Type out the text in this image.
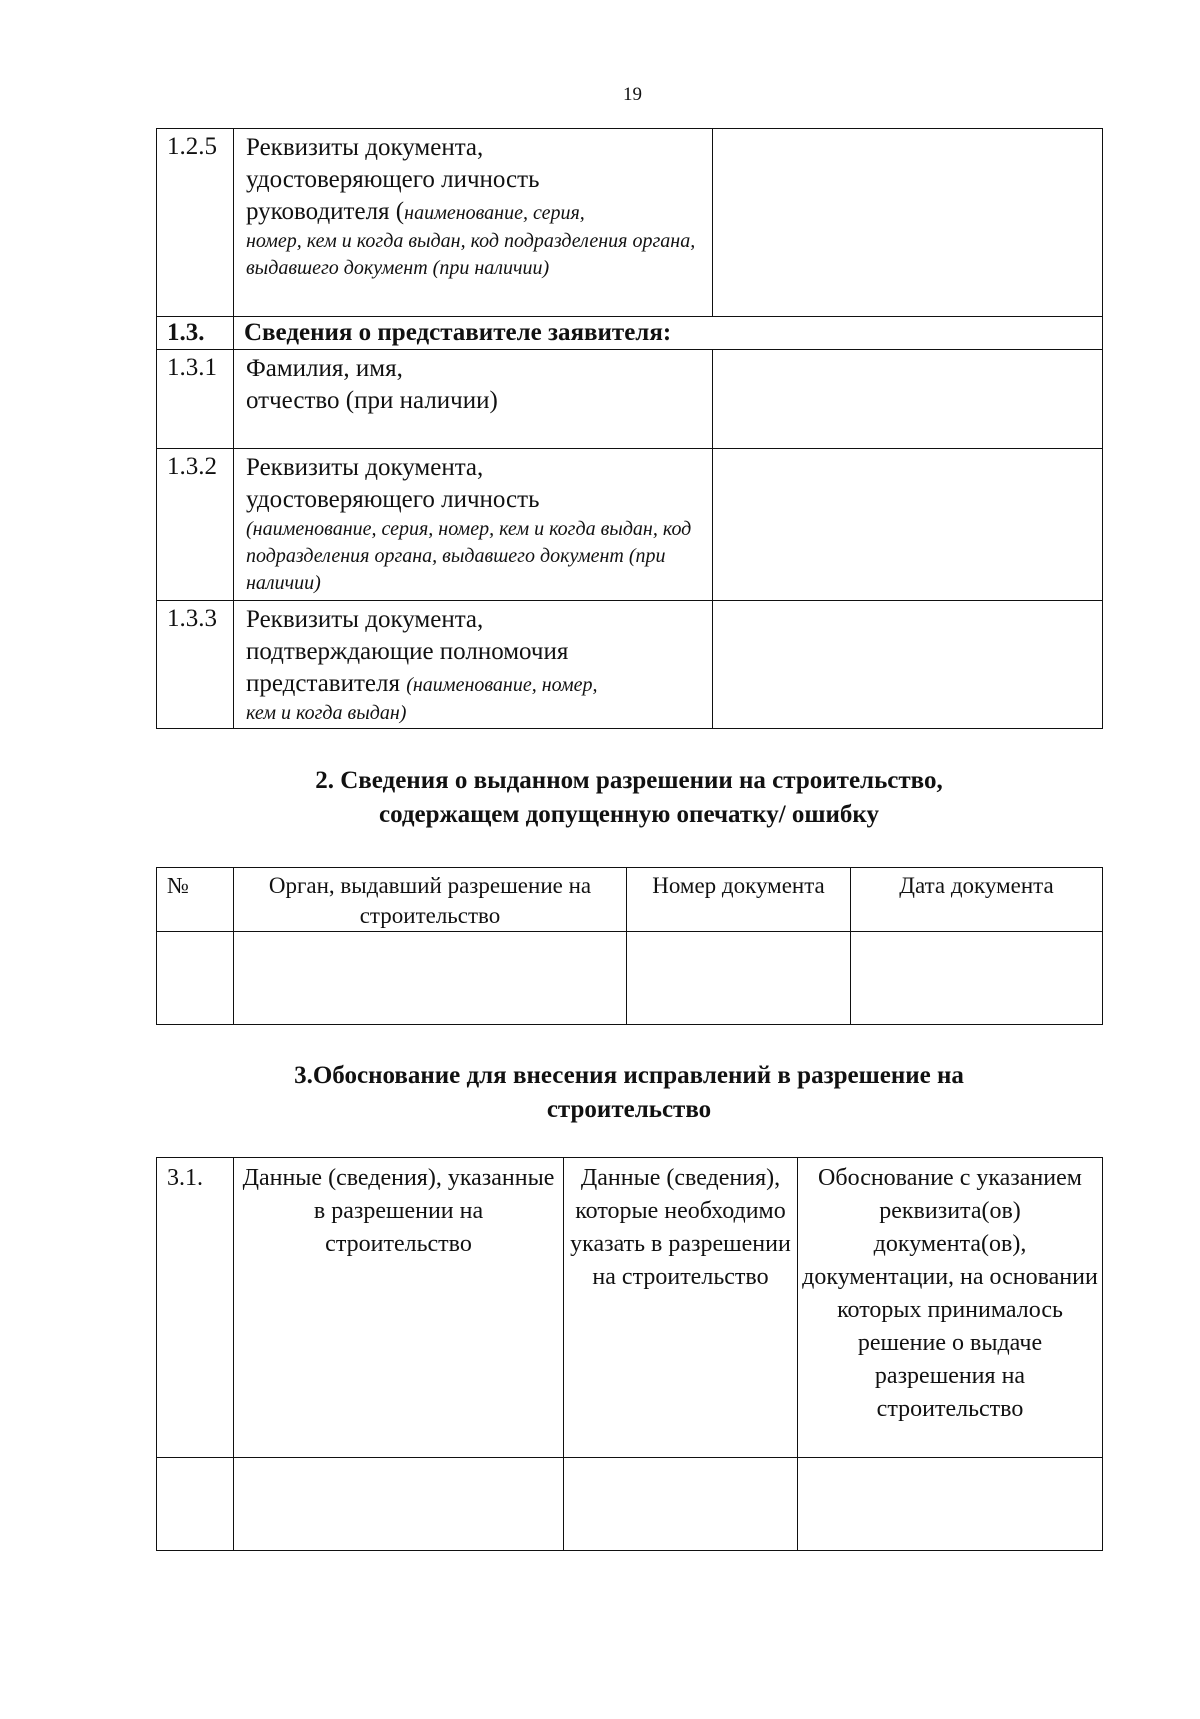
19
1.2.5	Реквизиты документа,
удостоверяющего личность
руководителя (наименование, серия,
номер, кем и когда выдан, код подразделения органа, выдавшего документ (при наличии)	

1.3.	Сведения о представителе заявителя:	
1.3.1	Фамилия, имя,
отчество (при наличии)	

1.3.2	Реквизиты документа,
удостоверяющего личность
(наименование, серия, номер, кем и когда выдан, код подразделения органа, выдавшего документ (при наличии)	

1.3.3	Реквизиты документа,
подтверждающие полномочия
представителя (наименование, номер,
кем и когда выдан)	

2. Сведения о выданном разрешении на строительство,
содержащем допущенную опечатку/ ошибку
№	Орган, выдавший разрешение на строительство	Номер документа	Дата документа

3.Обоснование для внесения исправлений в разрешение на
строительство
3.1.	Данные (сведения), указанные в разрешении на строительство	Данные (сведения), которые необходимо указать в разрешении на строительство	Обоснование с указанием реквизита(ов) документа(ов), документации, на основании которых принималось решение о выдаче разрешения на строительство
